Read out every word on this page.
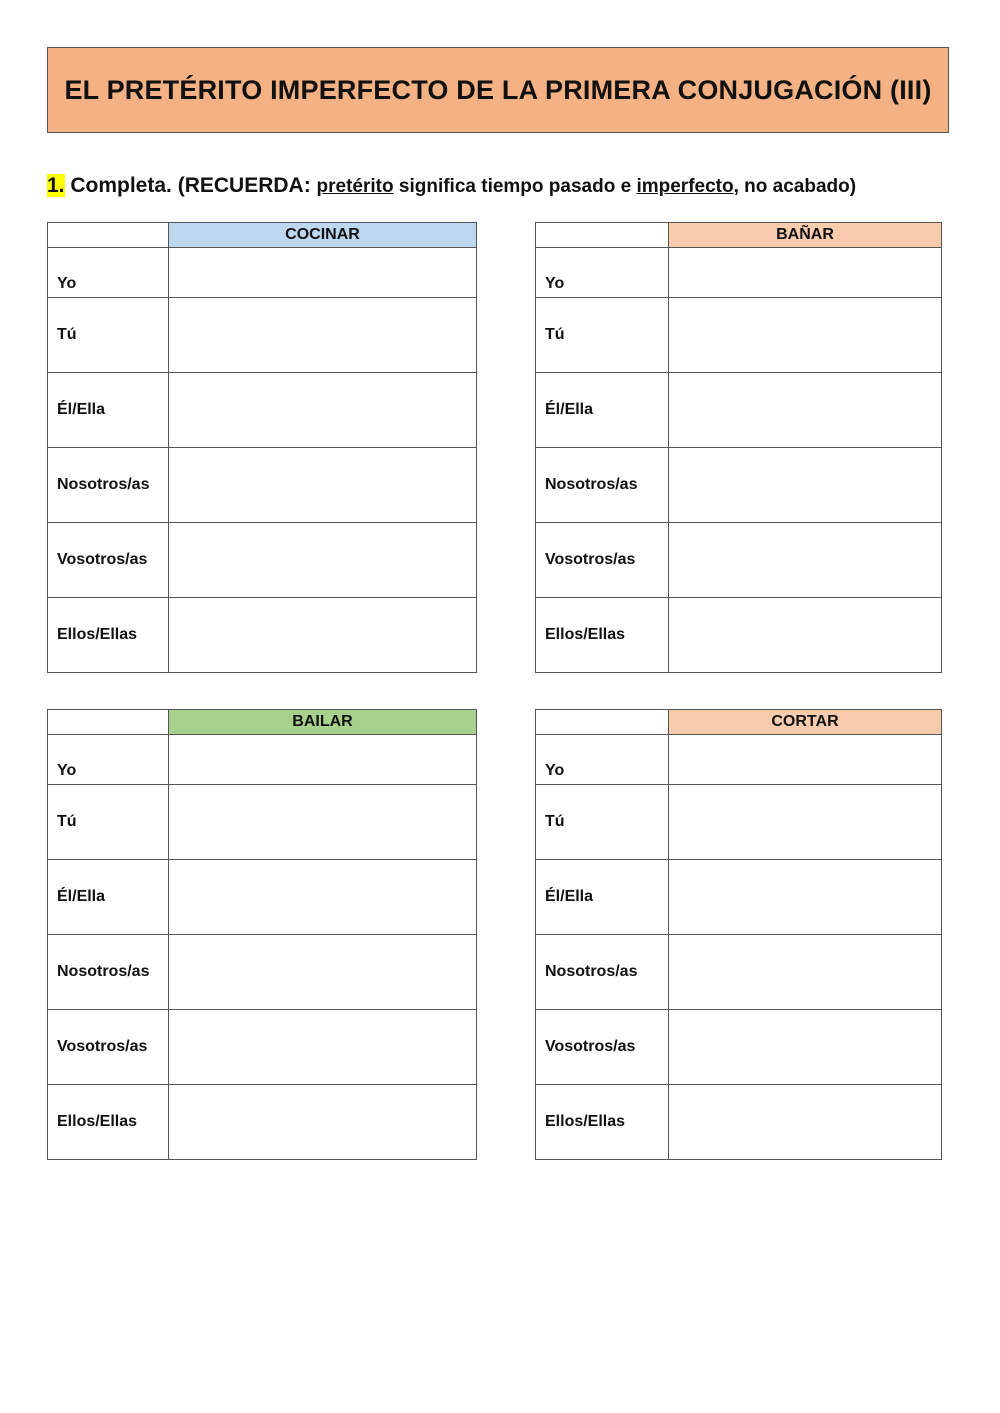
EL PRETÉRITO IMPERFECTO DE LA PRIMERA CONJUGACIÓN (III)
1. Completa. (RECUERDA: pretérito significa tiempo pasado e imperfecto, no acabado)
	COCINAR
Yo	
Tú	
Él/Ella	
Nosotros/as	
Vosotros/as	
Ellos/Ellas	
	BAÑAR
Yo	
Tú	
Él/Ella	
Nosotros/as	
Vosotros/as	
Ellos/Ellas	
	BAILAR
Yo	
Tú	
Él/Ella	
Nosotros/as	
Vosotros/as	
Ellos/Ellas	
	CORTAR
Yo	
Tú	
Él/Ella	
Nosotros/as	
Vosotros/as	
Ellos/Ellas	
